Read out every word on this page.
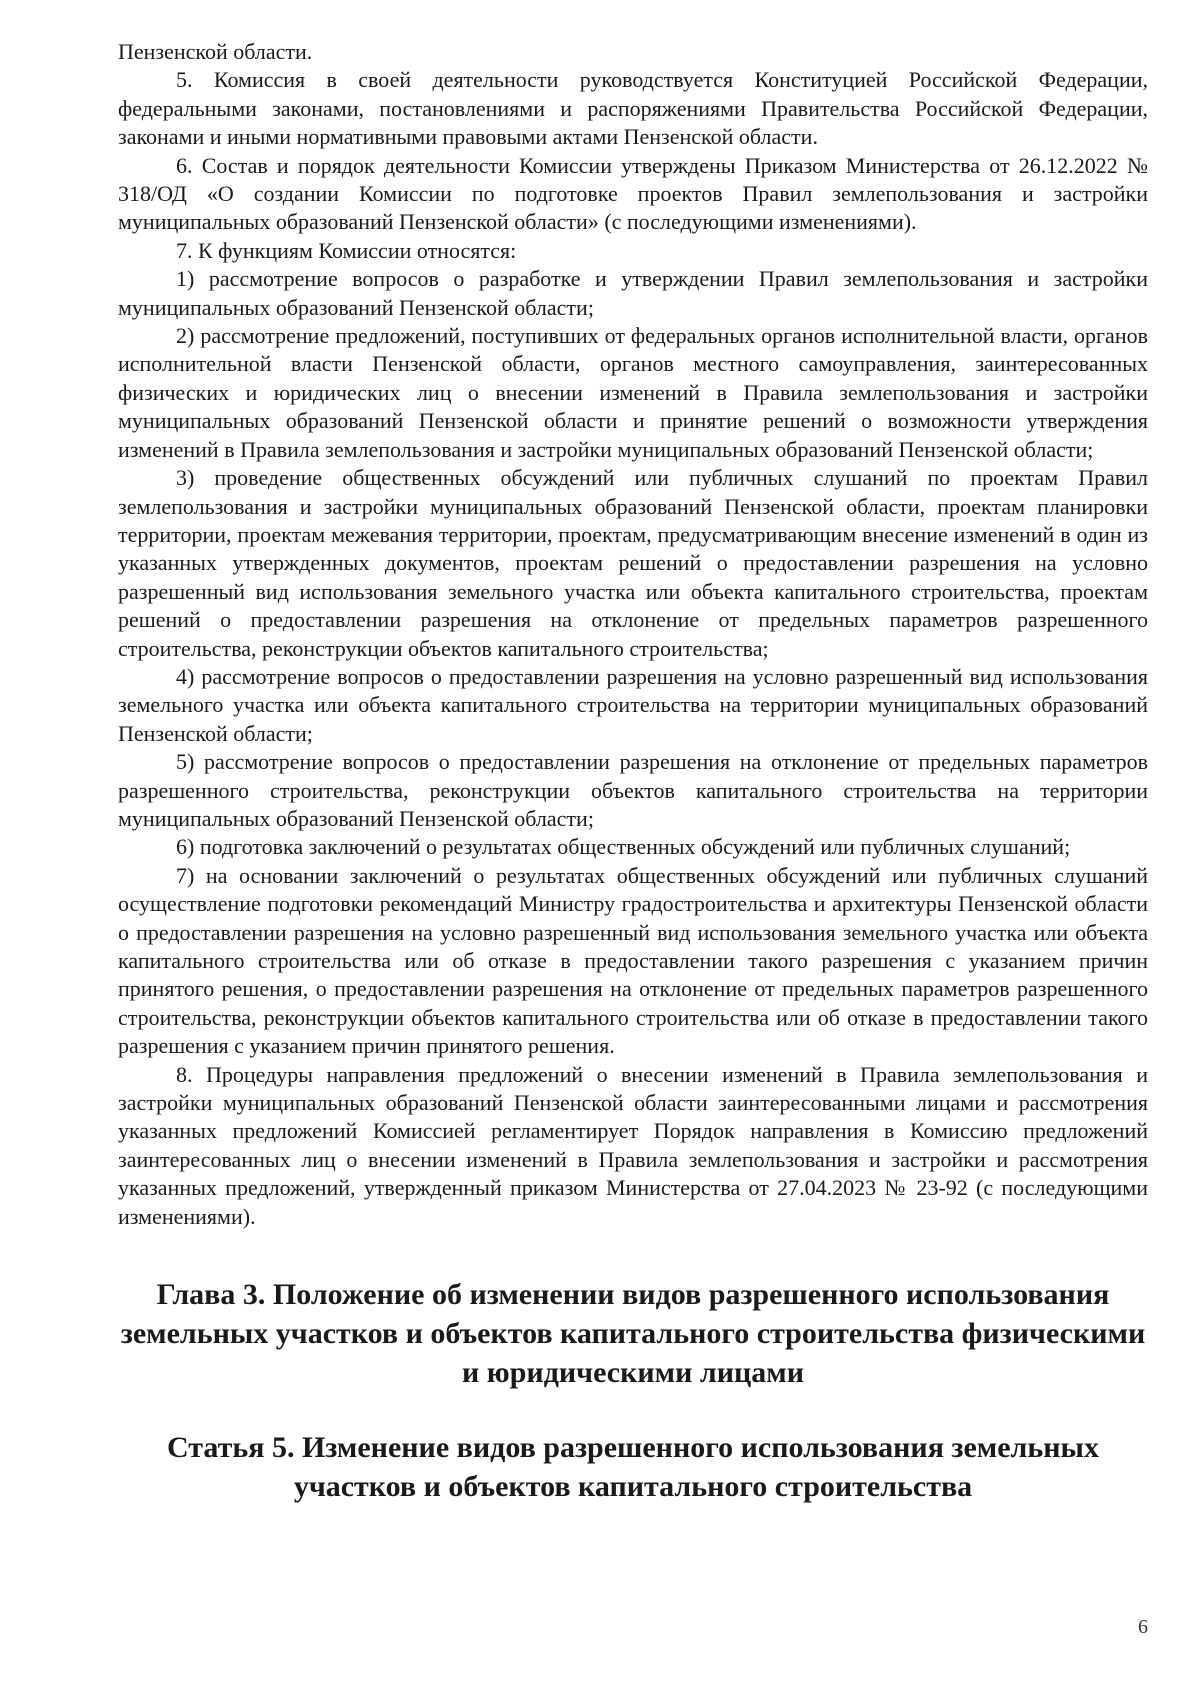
Пензенской области.

5. Комиссия в своей деятельности руководствуется Конституцией Российской Федерации, федеральными законами, постановлениями и распоряжениями Правительства Российской Федерации, законами и иными нормативными правовыми актами Пензенской области.

6. Состав и порядок деятельности Комиссии утверждены Приказом Министерства от 26.12.2022 № 318/ОД «О создании Комиссии по подготовке проектов Правил землепользования и застройки муниципальных образований Пензенской области» (с последующими изменениями).

7. К функциям Комиссии относятся:

1) рассмотрение вопросов о разработке и утверждении Правил землепользования и застройки муниципальных образований Пензенской области;

2) рассмотрение предложений, поступивших от федеральных органов исполнительной власти, органов исполнительной власти Пензенской области, органов местного самоуправления, заинтересованных физических и юридических лиц о внесении изменений в Правила землепользования и застройки муниципальных образований Пензенской области и принятие решений о возможности утверждения изменений в Правила землепользования и застройки муниципальных образований Пензенской области;

3) проведение общественных обсуждений или публичных слушаний по проектам Правил землепользования и застройки муниципальных образований Пензенской области, проектам планировки территории, проектам межевания территории, проектам, предусматривающим внесение изменений в один из указанных утвержденных документов, проектам решений о предоставлении разрешения на условно разрешенный вид использования земельного участка или объекта капитального строительства, проектам решений о предоставлении разрешения на отклонение от предельных параметров разрешенного строительства, реконструкции объектов капитального строительства;

4) рассмотрение вопросов о предоставлении разрешения на условно разрешенный вид использования земельного участка или объекта капитального строительства на территории муниципальных образований Пензенской области;

5) рассмотрение вопросов о предоставлении разрешения на отклонение от предельных параметров разрешенного строительства, реконструкции объектов капитального строительства на территории муниципальных образований Пензенской области;

6) подготовка заключений о результатах общественных обсуждений или публичных слушаний;

7) на основании заключений о результатах общественных обсуждений или публичных слушаний осуществление подготовки рекомендаций Министру градостроительства и архитектуры Пензенской области о предоставлении разрешения на условно разрешенный вид использования земельного участка или объекта капитального строительства или об отказе в предоставлении такого разрешения с указанием причин принятого решения, о предоставлении разрешения на отклонение от предельных параметров разрешенного строительства, реконструкции объектов капитального строительства или об отказе в предоставлении такого разрешения с указанием причин принятого решения.

8. Процедуры направления предложений о внесении изменений в Правила землепользования и застройки муниципальных образований Пензенской области заинтересованными лицами и рассмотрения указанных предложений Комиссией регламентирует Порядок направления в Комиссию предложений заинтересованных лиц о внесении изменений в Правила землепользования и застройки и рассмотрения указанных предложений, утвержденный приказом Министерства от 27.04.2023 № 23-92 (с последующими изменениями).

Глава 3. Положение об изменении видов разрешенного использования земельных участков и объектов капитального строительства физическими и юридическими лицами
Статья 5. Изменение видов разрешенного использования земельных участков и объектов капитального строительства
6
